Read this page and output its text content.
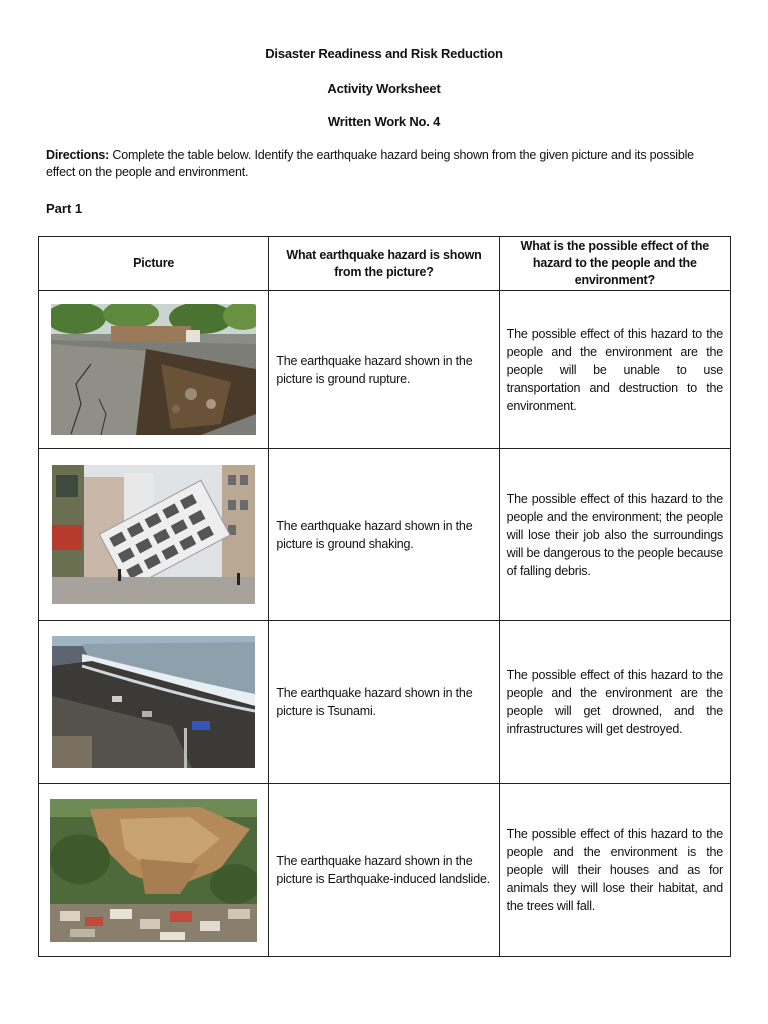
Disaster Readiness and Risk Reduction
Activity Worksheet
Written Work No. 4
Directions: Complete the table below. Identify the earthquake hazard being shown from the given picture and its possible effect on the people and environment.
Part 1
Picture	What earthquake hazard is shown from the picture?	What is the possible effect of the hazard to the people and the environment?

	The earthquake hazard shown in the picture is ground rupture.	The possible effect of this hazard to the people and the environment are the people will be unable to use transportation and destruction to the environment.

	The earthquake hazard shown in the picture is ground shaking.	The possible effect of this hazard to the people and the environment; the people will lose their job also the surroundings will be dangerous to the people because of falling debris.

	The earthquake hazard shown in the picture is Tsunami.	The possible effect of this hazard to the people and the environment are the people will get drowned, and the infrastructures will get destroyed.

	The earthquake hazard shown in the picture is Earthquake-induced landslide.	The possible effect of this hazard to the people and the environment is the people will their houses and as for animals they will lose their habitat, and the trees will fall.
